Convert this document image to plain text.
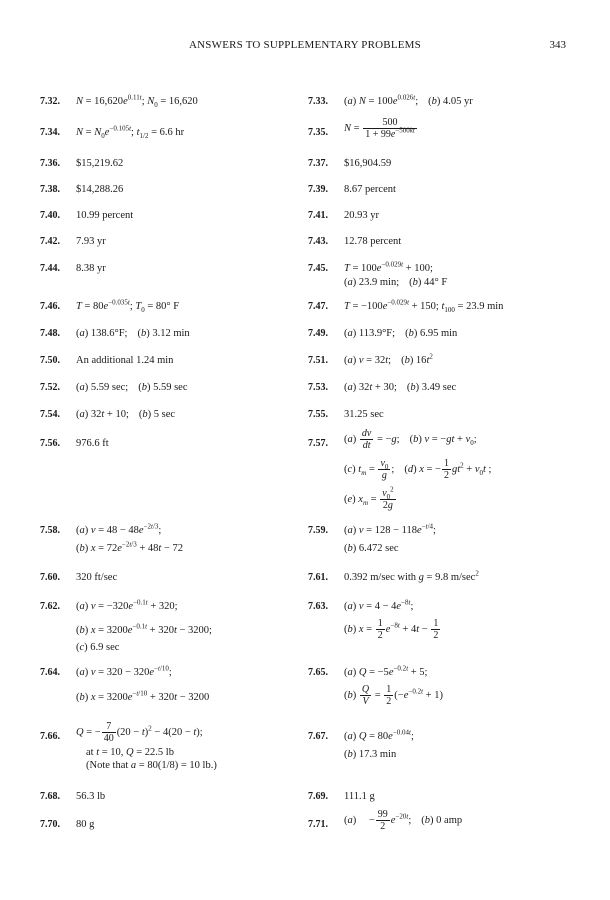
ANSWERS TO SUPPLEMENTARY PROBLEMS	343
7.32. $N = 16,620e^{0.11t}$; $N_0 = 16,620$	7.33. (a) $N = 100e^{0.026t}$; (b) 4.05 yr
7.34. $N = N_0e^{-0.105t}$; $t_{1/2} = 6.6$ hr	7.35. $N = \frac{500}{1 + 99e^{-500kt}}$
7.36. $15,219.62	7.37. $16,904.59
7.38. $14,288.26	7.39. 8.67 percent
7.40. 10.99 percent	7.41. 20.93 yr
7.42. 7.93 yr	7.43. 12.78 percent
7.44. 8.38 yr	7.45. $T = 100e^{-0.029t} + 100$;
(a) 23.9 min; (b) 44° F
7.46. $T = 80e^{-0.035t}$; $T_0 = 80^\circ$ F	7.47. $T = -100e^{-0.029t} + 150$; $t_{100} = 23.9$ min
7.48. (a) 138.6°F; (b) 3.12 min	7.49. (a) 113.9°F; (b) 6.95 min
7.50. An additional 1.24 min	7.51. (a) v = 32t; (b) $16t^2$
7.52. (a) 5.59 sec; (b) 5.59 sec	7.53. (a) 32t + 30; (b) 3.49 sec
7.54. (a) 32t + 10; (b) 5 sec	7.55. 31.25 sec
7.56. 976.6 ft	7.57. $(a) \frac{dv}{dt} = -g$; (b) $v = -gt + v_0$;
(c) $t_m = \frac{v_0}{g}$ ; (d) x = − $\frac{1}{2} gt^2 + v_0t$ ;
(e) $x_m = \frac{v_0^2}{2g}$
7.58. (a) $v = 48 - 48e^{-2t/3}$;
(b) $x = 72e^{-2t/3} + 48t - 72$
7.59. (a) $v = 128 - 118e^{-t/4}$;
(b) 6.472 sec
7.60. 320 ft/sec	7.61. 0.392 m/sec with g = 9.8 $m/\sec^2$
7.62. (a) $v = -320e^{-0.1t} + 320$;
(b) $x = 3200e^{-0.1t} + 320t - 3200$;
(c) 6.9 sec
7.63. (a) $v = 4 - 4e^{-8t}$;
(b) $x = \frac{1}{2} e^{-8t} + 4t - \frac{1}{2}$
7.64. (a) $v = 320 - 320e^{-t/10}$;
(b) $x = 3200e^{-t/10} + 320t - 3200$
7.65. (a) $Q = -5e^{-0.2t} + 5$;
$(b) \frac{Q}{V} = \frac{1}{2} (-e^{-0.2t} + 1)$
7.66. Q = − $\frac{7}{40} (20 - t)^2 - 4(20 - t)$;
at t = 10, Q = 22.5 lb
(Note that a = 80(1/8) = 10 lb.)
7.67. (a) $Q = 80e^{-0.04t}$;
(b) 17.3 min
7.68. 56.3 lb	7.69. 111.1 g
7.70. 80 g	7.71. $(a) - \frac{99}{2} e^{-20t}$; (b) 0 amp
